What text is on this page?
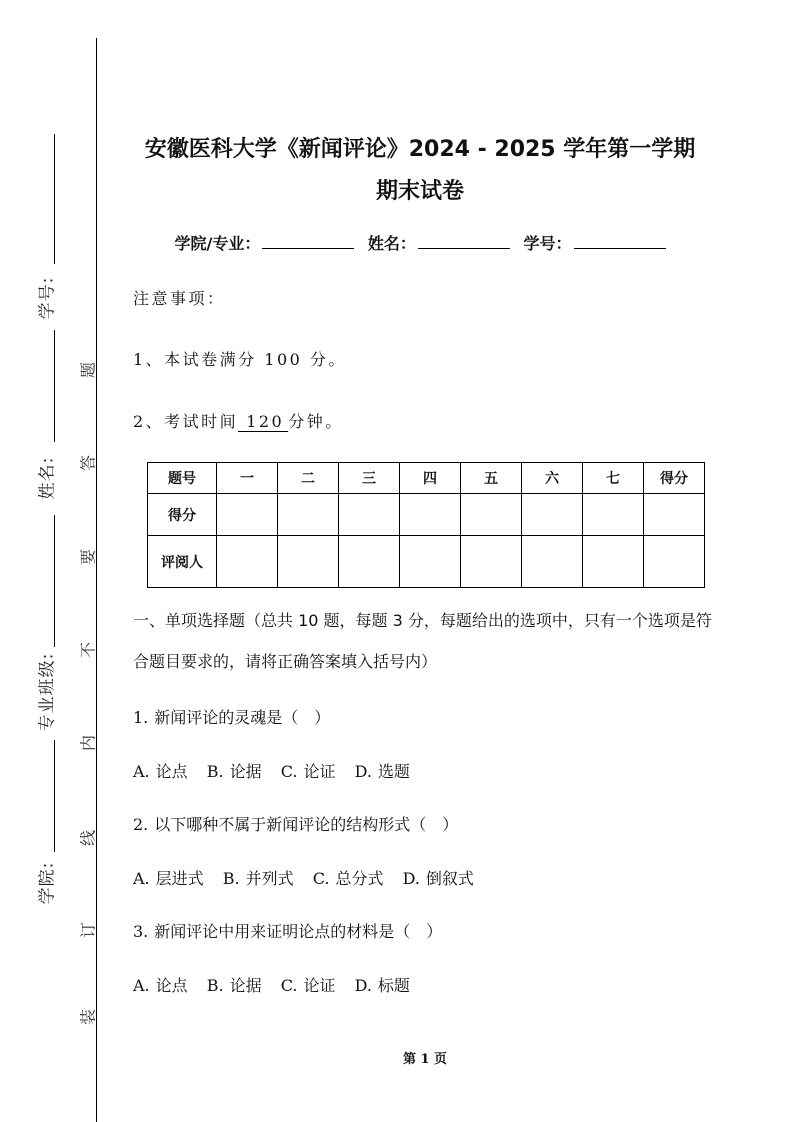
学号:
姓名:
专业班级:
学院:
题
答
要
不
内
线
订
装
安徽医科大学《新闻评论》2024 - 2025 学年第一学期
期末试卷
学院/专业：	姓名：	学号：
注意事项：
1、本试卷满分 100 分。
2、考试时间 120 分钟。
题号	一	二	三	四	五	六	七	得分
得分								
评阅人								
一、单项选择题（总共 10 题，每题 3 分，每题给出的选项中，只有一个选项是符合题目要求的，请将正确答案填入括号内）
1. 新闻评论的灵魂是（　）
A. 论点 B. 论据 C. 论证 D. 选题
2. 以下哪种不属于新闻评论的结构形式（　）
A. 层进式 B. 并列式 C. 总分式 D. 倒叙式
3. 新闻评论中用来证明论点的材料是（　）
A. 论点 B. 论据 C. 论证 D. 标题
第 1 页
